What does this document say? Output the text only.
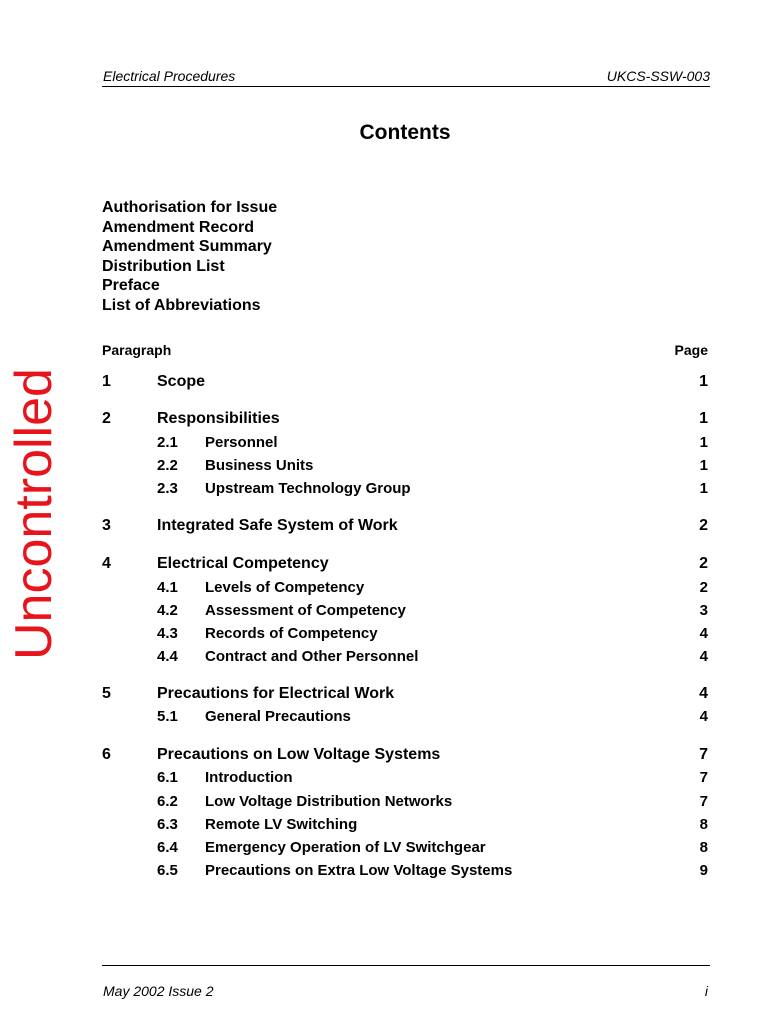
Electrical Procedures	UKCS-SSW-003
Contents
Authorisation for Issue
Amendment Record
Amendment Summary
Distribution List
Preface
List of Abbreviations
Paragraph	Page
1	Scope	1
2	Responsibilities	1
2.1 Personnel	1
2.2 Business Units	1
2.3 Upstream Technology Group	1
3	Integrated Safe System of Work	2
4	Electrical Competency	2
4.1 Levels of Competency	2
4.2 Assessment of Competency	3
4.3 Records of Competency	4
4.4 Contract and Other Personnel	4
5	Precautions for Electrical Work	4
5.1 General Precautions	4
6	Precautions on Low Voltage Systems	7
6.1 Introduction	7
6.2 Low Voltage Distribution Networks	7
6.3 Remote LV Switching	8
6.4 Emergency Operation of LV Switchgear	8
6.5 Precautions on Extra Low Voltage Systems	9
Uncontrolled
May 2002 Issue 2	i
